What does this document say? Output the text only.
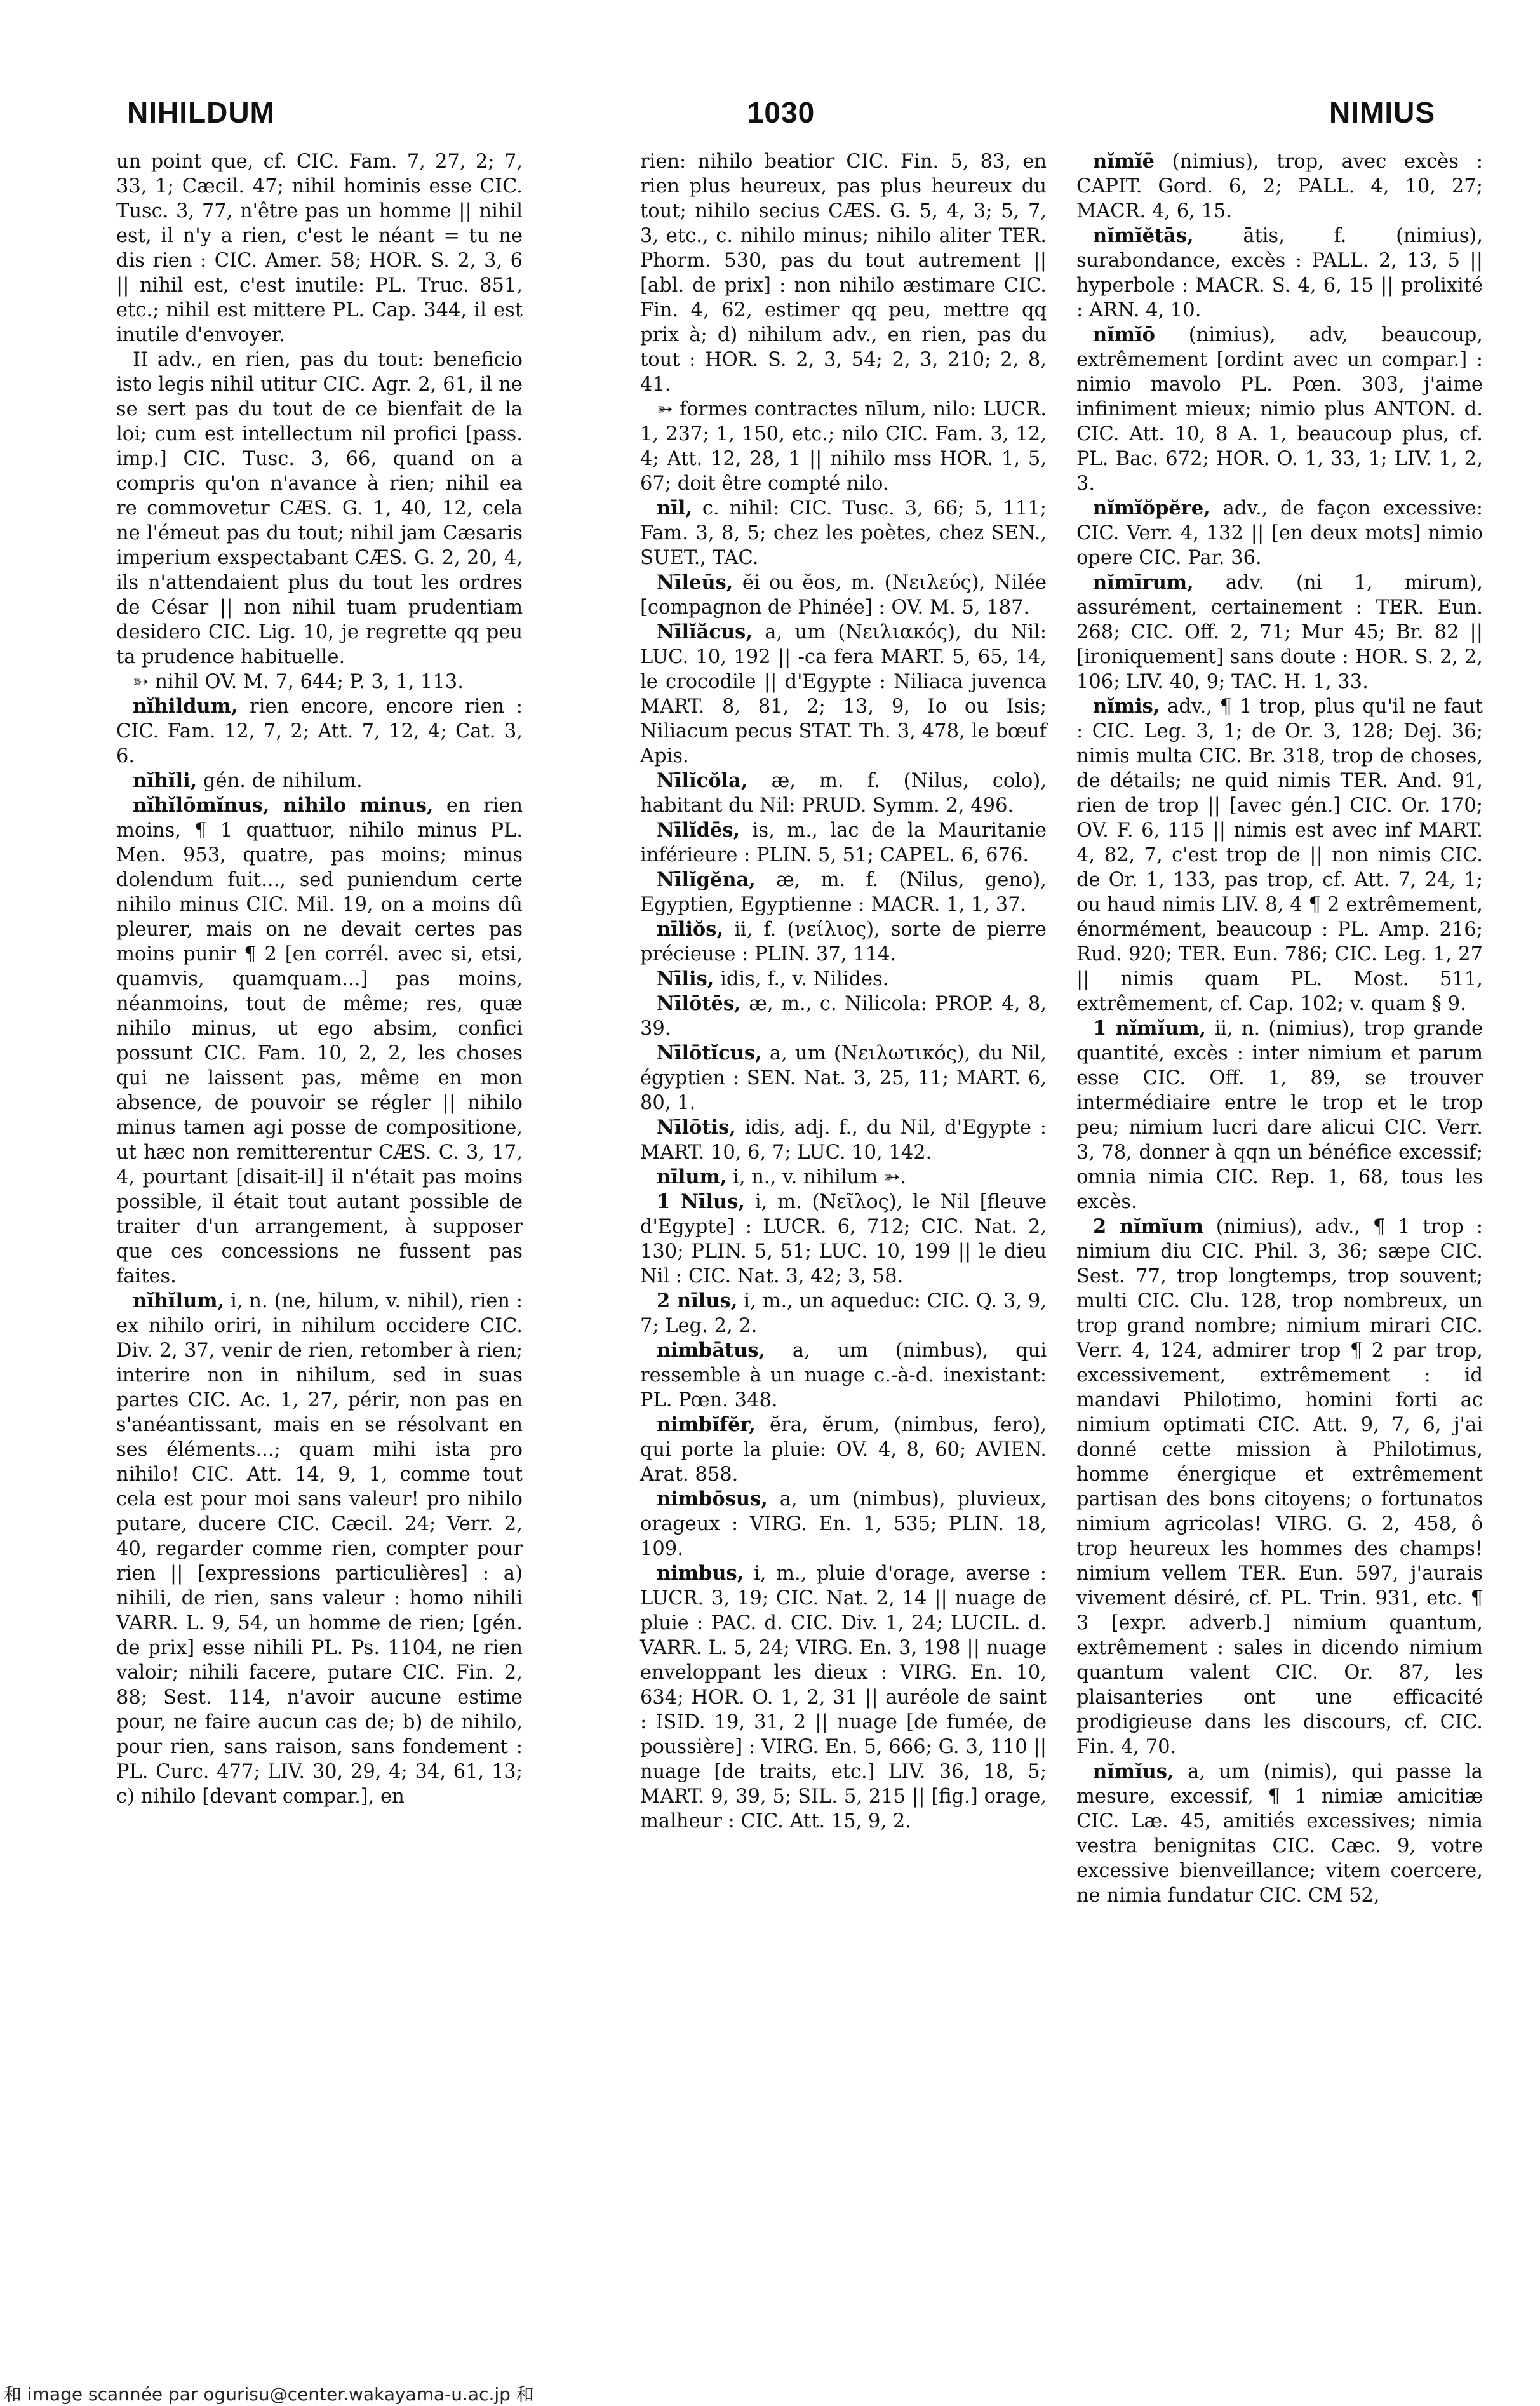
NIHILDUM	1030	NIMIUS

un point que, cf. CIC. Fam. 7, 27, 2; 7, 33, 1; Cæcil. 47; nihil hominis esse CIC. Tusc. 3, 77, n'être pas un homme || nihil est, il n'y a rien, c'est le néant = tu ne dis rien : CIC. Amer. 58; HOR. S. 2, 3, 6 || nihil est, c'est inutile: PL. Truc. 851, etc.; nihil est mittere PL. Cap. 344, il est inutile d'envoyer.

II adv., en rien, pas du tout: beneficio isto legis nihil utitur CIC. Agr. 2, 61, il ne se sert pas du tout de ce bienfait de la loi; cum est intellectum nil profici [pass. imp.] CIC. Tusc. 3, 66, quand on a compris qu'on n'avance à rien; nihil ea re commovetur CÆS. G. 1, 40, 12, cela ne l'émeut pas du tout; nihil jam Cæsaris imperium exspectabant CÆS. G. 2, 20, 4, ils n'attendaient plus du tout les ordres de César || non nihil tuam prudentiam desidero CIC. Lig. 10, je regrette qq peu ta prudence habituelle.

➳ nihil OV. M. 7, 644; P. 3, 1, 113.

nĭhildum, rien encore, encore rien : CIC. Fam. 12, 7, 2; Att. 7, 12, 4; Cat. 3, 6.

nĭhĭli, gén. de nihilum.

nĭhĭlōmĭnus, nihilo minus, en rien moins, ¶ 1 quattuor, nihilo minus PL. Men. 953, quatre, pas moins; minus dolendum fuit..., sed puniendum certe nihilo minus CIC. Mil. 19, on a moins dû pleurer, mais on ne devait certes pas moins punir ¶ 2 [en corrél. avec si, etsi, quamvis, quamquam...] pas moins, néanmoins, tout de même; res, quæ nihilo minus, ut ego absim, confici possunt CIC. Fam. 10, 2, 2, les choses qui ne laissent pas, même en mon absence, de pouvoir se régler || nihilo minus tamen agi posse de compositione, ut hæc non remitterentur CÆS. C. 3, 17, 4, pourtant [disait-il] il n'était pas moins possible, il était tout autant possible de traiter d'un arrangement, à supposer que ces concessions ne fussent pas faites.

nĭhĭlum, i, n. (ne, hilum, v. nihil), rien : ex nihilo oriri, in nihilum occidere CIC. Div. 2, 37, venir de rien, retomber à rien; interire non in nihilum, sed in suas partes CIC. Ac. 1, 27, périr, non pas en s'anéantissant, mais en se résolvant en ses éléments...; quam mihi ista pro nihilo! CIC. Att. 14, 9, 1, comme tout cela est pour moi sans valeur! pro nihilo putare, ducere CIC. Cæcil. 24; Verr. 2, 40, regarder comme rien, compter pour rien || [expressions particulières] : a) nihili, de rien, sans valeur : homo nihili VARR. L. 9, 54, un homme de rien; [gén. de prix] esse nihili PL. Ps. 1104, ne rien valoir; nihili facere, putare CIC. Fin. 2, 88; Sest. 114, n'avoir aucune estime pour, ne faire aucun cas de; b) de nihilo, pour rien, sans raison, sans fondement : PL. Curc. 477; LIV. 30, 29, 4; 34, 61, 13; c) nihilo [devant compar.], en

rien: nihilo beatior CIC. Fin. 5, 83, en rien plus heureux, pas plus heureux du tout; nihilo secius CÆS. G. 5, 4, 3; 5, 7, 3, etc., c. nihilo minus; nihilo aliter TER. Phorm. 530, pas du tout autrement || [abl. de prix] : non nihilo æstimare CIC. Fin. 4, 62, estimer qq peu, mettre qq prix à; d) nihilum adv., en rien, pas du tout : HOR. S. 2, 3, 54; 2, 3, 210; 2, 8, 41.

➳ formes contractes nīlum, nilo: LUCR. 1, 237; 1, 150, etc.; nilo CIC. Fam. 3, 12, 4; Att. 12, 28, 1 || nihilo mss HOR. 1, 5, 67; doit être compté nilo.

nīl, c. nihil: CIC. Tusc. 3, 66; 5, 111; Fam. 3, 8, 5; chez les poètes, chez SEN., SUET., TAC.

Nīleūs, ĕi ou ĕos, m. (Νειλεύς), Nilée [compagnon de Phinée] : OV. M. 5, 187.

Nīlĭăcus, a, um (Νειλιακός), du Nil: LUC. 10, 192 || -ca fera MART. 5, 65, 14, le crocodile || d'Egypte : Niliaca juvenca MART. 8, 81, 2; 13, 9, Io ou Isis; Niliacum pecus STAT. Th. 3, 478, le bœuf Apis.

Nīlĭcŏla, æ, m. f. (Nilus, colo), habitant du Nil: PRUD. Symm. 2, 496.

Nīlĭdēs, is, m., lac de la Mauritanie inférieure : PLIN. 5, 51; CAPEL. 6, 676.

Nīlĭgĕna, æ, m. f. (Nilus, geno), Egyptien, Egyptienne : MACR. 1, 1, 37.

nīliŏs, ii, f. (νείλιος), sorte de pierre précieuse : PLIN. 37, 114.

Nīlis, idis, f., v. Nilides.

Nīlōtēs, æ, m., c. Nilicola: PROP. 4, 8, 39.

Nīlōtĭcus, a, um (Νειλωτικός), du Nil, égyptien : SEN. Nat. 3, 25, 11; MART. 6, 80, 1.

Nīlōtis, idis, adj. f., du Nil, d'Egypte : MART. 10, 6, 7; LUC. 10, 142.

nīlum, i, n., v. nihilum ➳.

1 Nīlus, i, m. (Νεῖλος), le Nil [fleuve d'Egypte] : LUCR. 6, 712; CIC. Nat. 2, 130; PLIN. 5, 51; LUC. 10, 199 || le dieu Nil : CIC. Nat. 3, 42; 3, 58.

2 nīlus, i, m., un aqueduc: CIC. Q. 3, 9, 7; Leg. 2, 2.

nimbātus, a, um (nimbus), qui ressemble à un nuage c.-à-d. inexistant: PL. Pœn. 348.

nimbĭfĕr, ĕra, ĕrum, (nimbus, fero), qui porte la pluie: OV. 4, 8, 60; AVIEN. Arat. 858.

nimbōsus, a, um (nimbus), pluvieux, orageux : VIRG. En. 1, 535; PLIN. 18, 109.

nimbus, i, m., pluie d'orage, averse : LUCR. 3, 19; CIC. Nat. 2, 14 || nuage de pluie : PAC. d. CIC. Div. 1, 24; LUCIL. d. VARR. L. 5, 24; VIRG. En. 3, 198 || nuage enveloppant les dieux : VIRG. En. 10, 634; HOR. O. 1, 2, 31 || auréole de saint : ISID. 19, 31, 2 || nuage [de fumée, de poussière] : VIRG. En. 5, 666; G. 3, 110 || nuage [de traits, etc.] LIV. 36, 18, 5; MART. 9, 39, 5; SIL. 5, 215 || [fig.] orage, malheur : CIC. Att. 15, 9, 2.

nĭmĭē (nimius), trop, avec excès : CAPIT. Gord. 6, 2; PALL. 4, 10, 27; MACR. 4, 6, 15.

nĭmĭĕtās,	ātis, f. (nimius), surabondance, excès : PALL. 2, 13, 5 || hyperbole : MACR. S. 4, 6, 15 || prolixité : ARN. 4, 10.

nĭmĭō (nimius), adv, beaucoup, extrêmement [ordint avec un compar.] : nimio mavolo PL. Pœn. 303, j'aime infiniment mieux; nimio plus ANTON. d. CIC. Att. 10, 8 A. 1, beaucoup plus, cf. PL. Bac. 672; HOR. O. 1, 33, 1; LIV. 1, 2, 3.

nĭmĭŏpĕre, adv., de façon excessive: CIC. Verr. 4, 132 || [en deux mots] nimio opere CIC. Par. 36.

nĭmīrum, adv. (ni 1, mirum), assurément, certainement : TER. Eun. 268; CIC. Off. 2, 71; Mur 45; Br. 82 || [ironiquement] sans doute : HOR. S. 2, 2, 106; LIV. 40, 9; TAC. H. 1, 33.

nĭmis, adv., ¶ 1 trop, plus qu'il ne faut : CIC. Leg. 3, 1; de Or. 3, 128; Dej. 36; nimis multa CIC. Br. 318, trop de choses, de détails; ne quid nimis TER. And. 91, rien de trop || [avec gén.] CIC. Or. 170; OV. F. 6, 115 || nimis est avec inf MART. 4, 82, 7, c'est trop de || non nimis CIC. de Or. 1, 133, pas trop, cf. Att. 7, 24, 1; ou haud nimis LIV. 8, 4 ¶ 2 extrêmement, énormément, beaucoup : PL. Amp. 216; Rud. 920; TER. Eun. 786; CIC. Leg. 1, 27 || nimis quam PL. Most. 511, extrêmement, cf. Cap. 102; v. quam § 9.

1 nĭmĭum, ii, n. (nimius), trop grande quantité, excès : inter nimium et parum esse CIC. Off. 1, 89, se trouver intermédiaire entre le trop et le trop peu; nimium lucri dare alicui CIC. Verr. 3, 78, donner à qqn un bénéfice excessif; omnia nimia CIC. Rep. 1, 68, tous les excès.

2 nĭmĭum (nimius), adv., ¶ 1 trop : nimium diu CIC. Phil. 3, 36; sæpe CIC. Sest. 77, trop longtemps, trop souvent; multi CIC. Clu. 128, trop nombreux, un trop grand nombre; nimium mirari CIC. Verr. 4, 124, admirer trop ¶ 2 par trop, excessivement, extrêmement : id mandavi Philotimo, homini forti ac nimium optimati CIC. Att. 9, 7, 6, j'ai donné cette mission à Philotimus, homme énergique et extrêmement partisan des bons citoyens; o fortunatos nimium agricolas! VIRG. G. 2, 458, ô trop heureux les hommes des champs! nimium vellem TER. Eun. 597, j'aurais vivement désiré, cf. PL. Trin. 931, etc. ¶ 3 [expr. adverb.] nimium quantum, extrêmement : sales in dicendo nimium quantum valent CIC. Or. 87, les plaisanteries ont une efficacité prodigieuse dans les discours, cf. CIC. Fin. 4, 70.

nĭmĭus, a, um (nimis), qui passe la mesure, excessif, ¶ 1 nimiæ amicitiæ CIC. Læ. 45, amitiés excessives; nimia vestra benignitas CIC. Cæc. 9, votre excessive bienveillance; vitem coercere, ne nimia fundatur CIC. CM 52,

和 image scannée par ogurisu@center.wakayama-u.ac.jp 和
